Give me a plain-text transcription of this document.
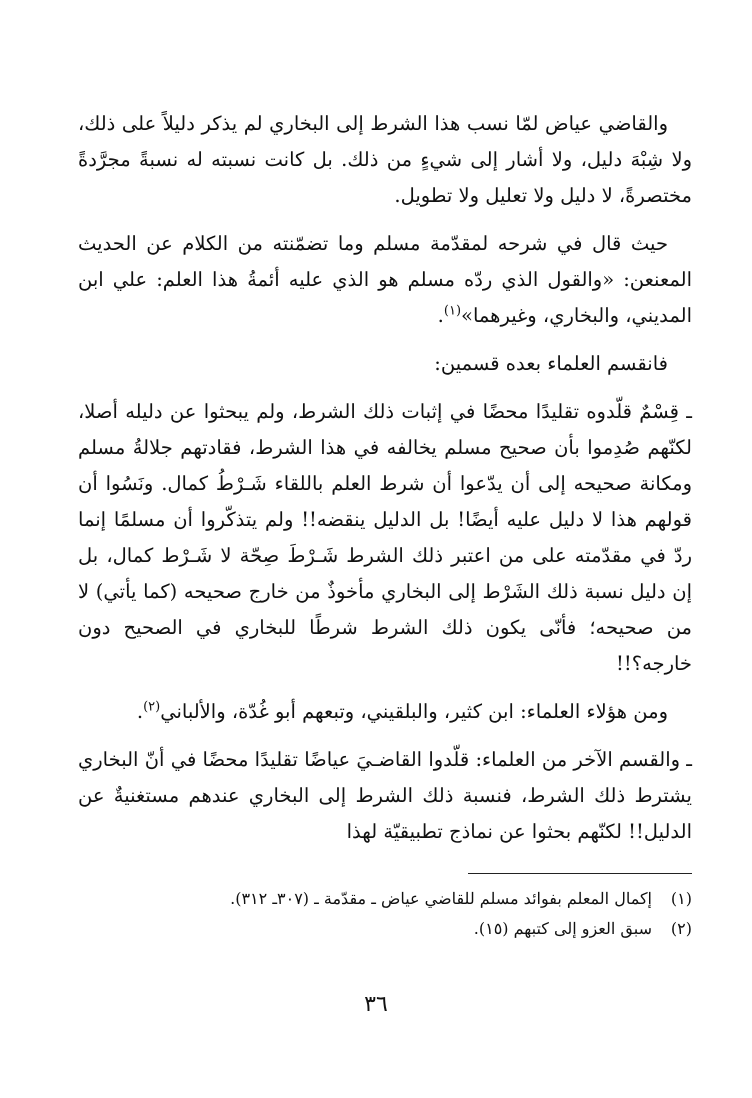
والقاضي عياض لمّا نسب هذا الشرط إلى البخاري لم يذكر دليلاً على ذلك، ولا شِبْهَ دليل، ولا أشار إلى شيءٍ من ذلك. بل كانت نسبته له نسبةً مجرَّدةً مختصرةً، لا دليل ولا تعليل ولا تطويل.

حيث قال في شرحه لمقدّمة مسلم وما تضمّنته من الكلام عن الحديث المعنعن: «والقول الذي ردّه مسلم هو الذي عليه أئمةُ هذا العلم: علي ابن المديني، والبخاري، وغيرهما»$^{(١)}$.

فانقسم العلماء بعده قسمين:

ـ قِسْمٌ قلّدوه تقليدًا محضًا في إثبات ذلك الشرط، ولم يبحثوا عن دليله أصلا، لكنّهم صُدِموا بأن صحيح مسلم يخالفه في هذا الشرط، فقادتهم جلالةُ مسلم ومكانة صحيحه إلى أن يدّعوا أن شرط العلم باللقاء شَـرْطُ كمال. ونَسُوا أن قولهم هذا لا دليل عليه أيضًا! بل الدليل ينقضه!! ولم يتذكّروا أن مسلمًا إنما ردّ في مقدّمته على من اعتبر ذلك الشرط شَـرْطَ صِحّة لا شَـرْط كمال، بل إن دليل نسبة ذلك الشَرْط إلى البخاري مأخوذٌ من خارج صحيحه (كما يأتي) لا من صحيحه؛ فأنّى يكون ذلك الشرط شرطًا للبخاري في الصحيح دون خارجه؟!!

ومن هؤلاء العلماء: ابن كثير، والبلقيني، وتبعهم أبو غُدّة، والألباني$^{(٢)}$.

ـ والقسم الآخر من العلماء: قلّدوا القاضـيَ عياضًا تقليدًا محضًا في أنّ البخاري يشترط ذلك الشرط، فنسبة ذلك الشرط إلى البخاري عندهم مستغنيةٌ عن الدليل!! لكنّهم بحثوا عن نماذج تطبيقيّة لهذا

(١)
إكمال المعلم بفوائد مسلم للقاضي عياض ـ مقدّمة ـ (٣٠٧ـ ٣١٢).

(٢)
سبق العزو إلى كتبهم (١٥).

٣٦
